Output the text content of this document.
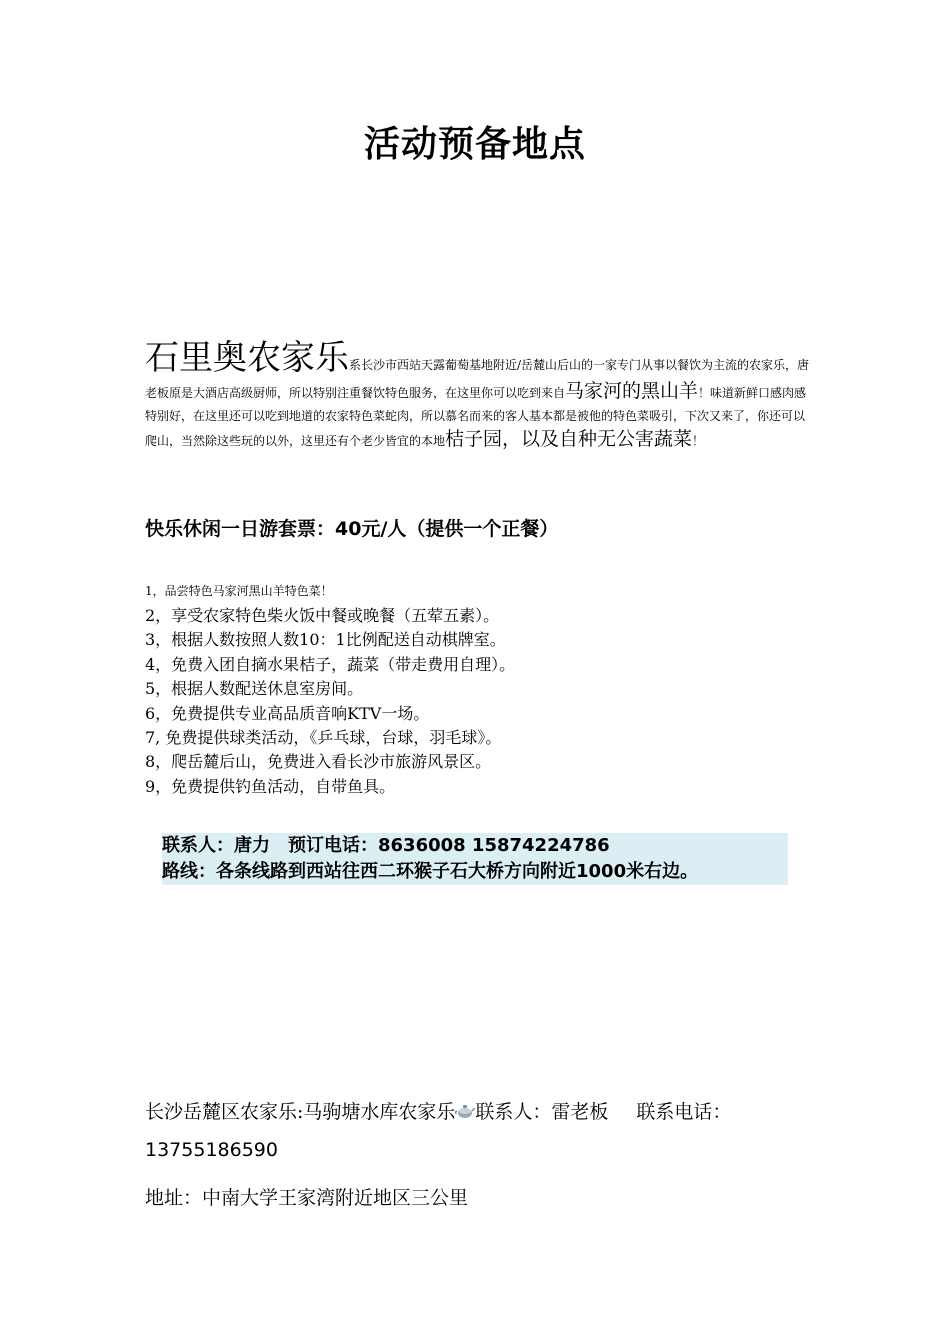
活动预备地点
石里奥农家乐系长沙市西站天露葡萄基地附近/岳麓山后山的一家专门从事以餐饮为主流的农家乐，唐老板原是大酒店高级厨师，所以特别注重餐饮特色服务，在这里你可以吃到来自马家河的黑山羊！味道新鲜口感肉感特别好，在这里还可以吃到地道的农家特色菜蛇肉，所以慕名而来的客人基本都是被他的特色菜吸引，下次又来了，你还可以爬山，当然除这些玩的以外，这里还有个老少皆宜的本地桔子园，以及自种无公害蔬菜！
快乐休闲一日游套票：40元/人（提供一个正餐）
1，品尝特色马家河黑山羊特色菜！
2，享受农家特色柴火饭中餐或晚餐（五荤五素）。
3，根据人数按照人数10：1比例配送自动棋牌室。
4，免费入团自摘水果桔子，蔬菜（带走费用自理）。
5，根据人数配送休息室房间。
6，免费提供专业高品质音响KTV一场。
7, 免费提供球类活动，《乒乓球，台球，羽毛球》。
8，爬岳麓后山，免费进入看长沙市旅游风景区。
9，免费提供钓鱼活动，自带鱼具。
联系人：唐力　预订电话：8636008 15874224786
路线：各条线路到西站往西二环猴子石大桥方向附近1000米右边。
长沙岳麓区农家乐:马驹塘水库农家乐 联系人：雷老板 联系电话：
13755186590
地址：中南大学王家湾附近地区三公里
